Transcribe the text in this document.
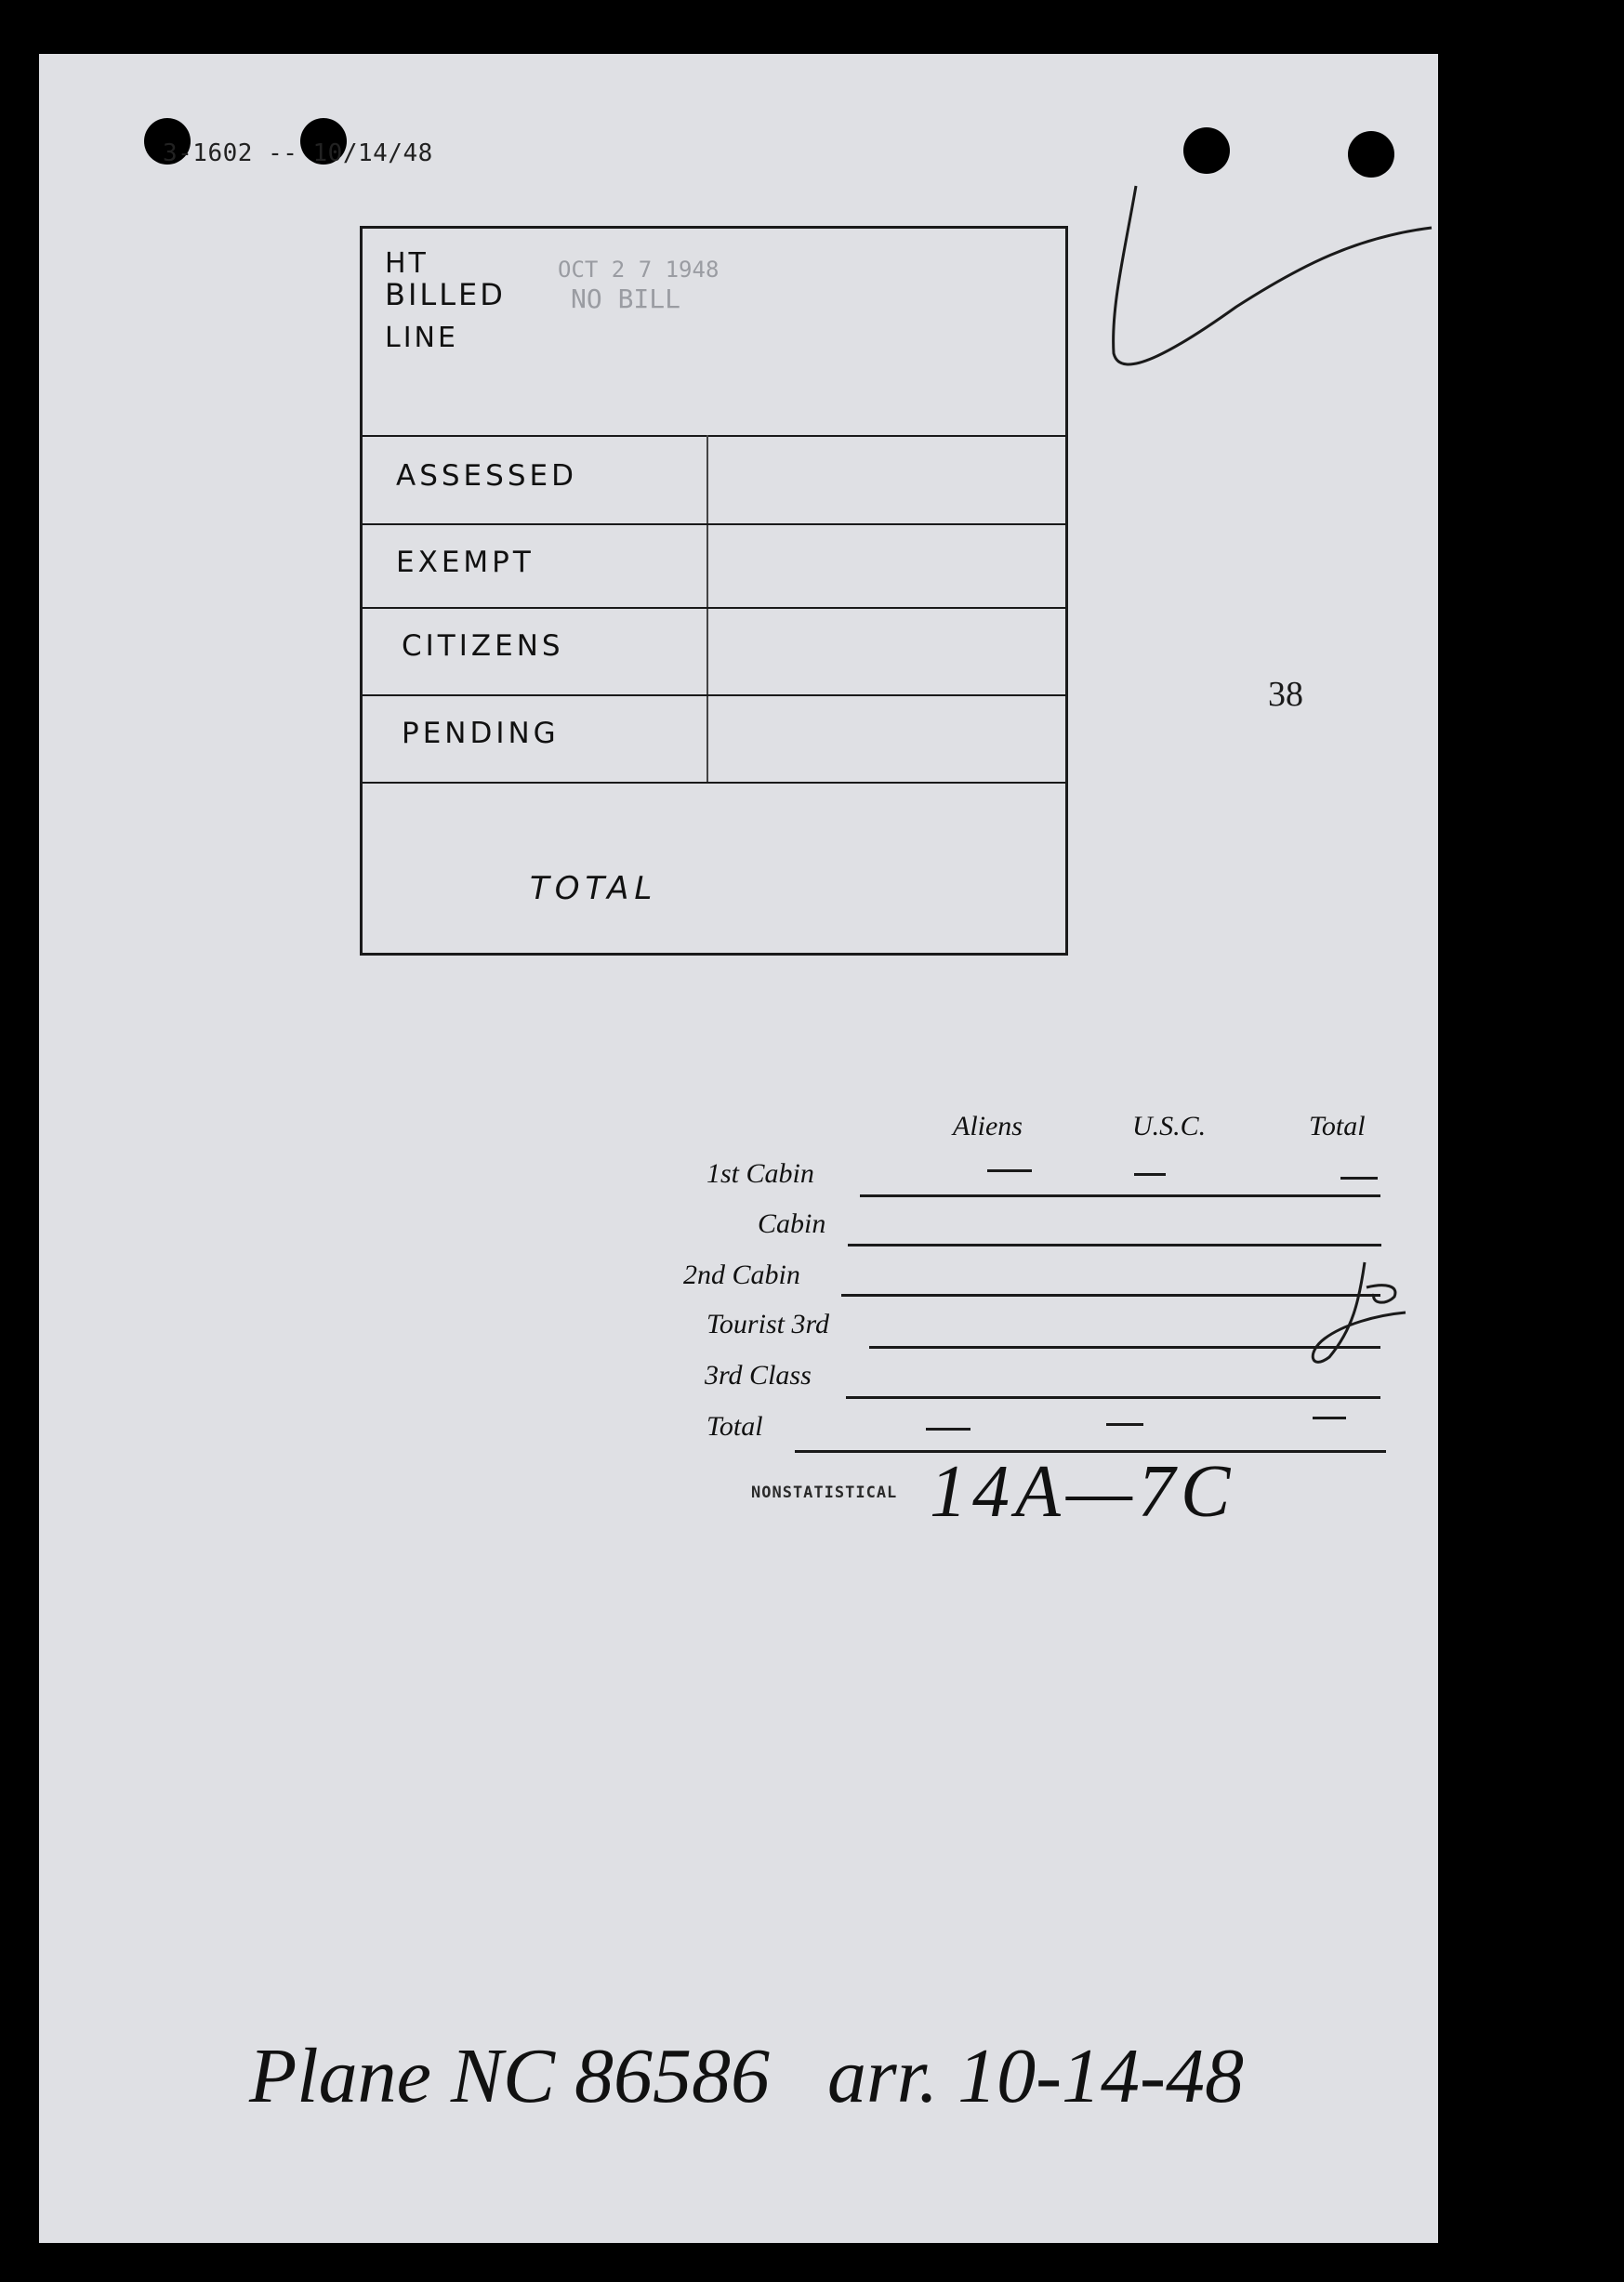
3-1602 -- 10/14/48
38
HT
BILLED
LINE
OCT 2 7 1948
NO BILL
ASSESSED
EXEMPT
CITIZENS
PENDING
TOTAL
Aliens	U.S.C.	Total
1st Cabin
Cabin
2nd Cabin
Tourist 3rd
3rd Class
Total
NONSTATISTICAL 14A—7C
Plane NC 86586 arr. 10-14-48
